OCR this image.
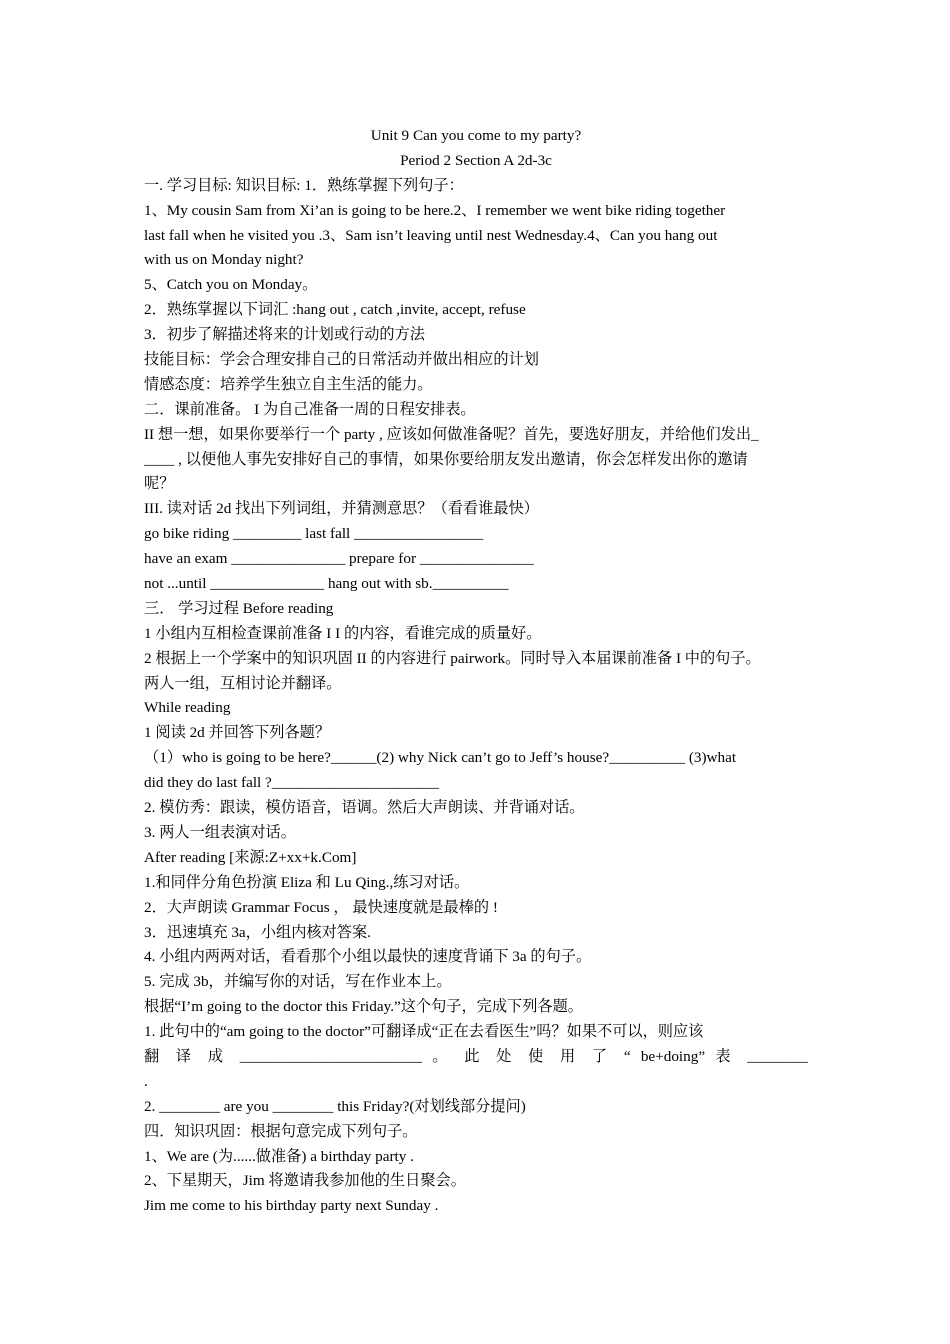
Unit 9 Can you come to my party?
Period 2 Section A 2d-3c
一. 学习目标: 知识目标: 1．熟练掌握下列句子：
1、My cousin Sam from Xi’an is going to be here.2、I remember we went bike riding together
last fall when he visited you .3、Sam isn’t leaving until nest Wednesday.4、Can you hang out
with us on Monday night?
5、Catch you on Monday。
2．熟练掌握以下词汇 :hang out , catch ,invite, accept, refuse
3．初步了解描述将来的计划或行动的方法
技能目标：学会合理安排自己的日常活动并做出相应的计划
情感态度：培养学生独立自主生活的能力。
二．课前准备。 I 为自己准备一周的日程安排表。
II 想一想，如果你要举行一个 party , 应该如何做准备呢？首先，要选好朋友，并给他们发出_
____ , 以便他人事先安排好自己的事情，如果你要给朋友发出邀请，你会怎样发出你的邀请
呢？
III. 读对话 2d 找出下列词组，并猜测意思？（看看谁最快）
go bike riding _________ last fall _________________
have an exam _______________ prepare for _______________
not ...until _______________ hang out with sb.__________
三． 学习过程 Before reading
1 小组内互相检查课前准备 I I 的内容，看谁完成的质量好。
2 根据上一个学案中的知识巩固 II 的内容进行 pairwork。同时导入本届课前准备 I 中的句子。
两人一组，互相讨论并翻译。
While reading
1 阅读 2d 并回答下列各题？
（1）who is going to be here?______(2) why Nick can’t go to Jeff’s house?__________ (3)what
did they do last fall ?______________________
2. 模仿秀：跟读，模仿语音，语调。然后大声朗读、并背诵对话。
3. 两人一组表演对话。
After reading [来源:Z+xx+k.Com]
1.和同伴分角色扮演 Eliza 和 Lu Qing.,练习对话。
2．大声朗读 Grammar Focus ， 最快速度就是最棒的 !
3．迅速填充 3a，小组内核对答案.
4. 小组内两两对话，看看那个小组以最快的速度背诵下 3a 的句子。
5. 完成 3b，并编写你的对话，写在作业本上。
根据“I’m going to the doctor this Friday.”这个句子，完成下列各题。
1. 此句中的“am going to the doctor”可翻译成“正在去看医生”吗？如果不可以，则应该
翻 译 成 ________________________ 。 此 处 使 用 了 “ be+doing” 表 ________
.
2. ________ are you ________ this Friday?(对划线部分提问)
四．知识巩固：根据句意完成下列句子。
1、We are (为......做准备) a birthday party .
2、下星期天，Jim 将邀请我参加他的生日聚会。
Jim me come to his birthday party next Sunday .
